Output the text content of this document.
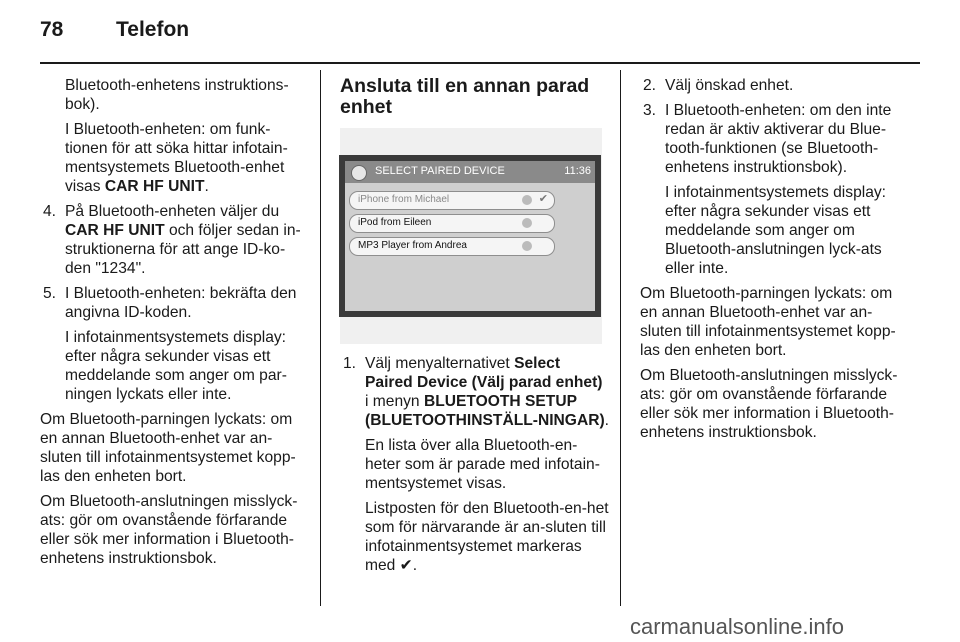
78	Telefon

Bluetooth-enhetens instruktions-bok).

I Bluetooth-enheten: om funk-tionen för att söka hittar infotain-mentsystemets Bluetooth-enhet visas CAR HF UNIT.

4. På Bluetooth-enheten väljer du CAR HF UNIT och följer sedan in-struktionerna för att ange ID-ko-den "1234".
5. I Bluetooth-enheten: bekräfta den angivna ID-koden.

I infotainmentsystemets display: efter några sekunder visas ett meddelande som anger om par-ningen lyckats eller inte.

Om Bluetooth-parningen lyckats: om en annan Bluetooth-enhet var an-sluten till infotainmentsystemet kopp-las den enheten bort.

Om Bluetooth-anslutningen misslyck-ats: gör om ovanstående förfarande eller sök mer information i Bluetooth-enhetens instruktionsbok.

Ansluta till en annan parad enhet

SELECT PAIRED DEVICE	11:36
iPhone from Michael	✔
iPod from Eileen
MP3 Player from Andrea
1. Välj menyalternativet Select Paired Device (Välj parad enhet) i menyn BLUETOOTH SETUP (BLUETOOTHINSTÄLL-NINGAR).

En lista över alla Bluetooth-en-heter som är parade med infotain-mentsystemet visas.

Listposten för den Bluetooth-en-het som för närvarande är an-sluten till infotainmentsystemet markeras med ✔.

2. Välj önskad enhet.
3. I Bluetooth-enheten: om den inte redan är aktiv aktiverar du Blue-tooth-funktionen (se Bluetooth-enhetens instruktionsbok).

I infotainmentsystemets display: efter några sekunder visas ett meddelande som anger om Bluetooth-anslutningen lyck-ats eller inte.

Om Bluetooth-parningen lyckats: om en annan Bluetooth-enhet var an-sluten till infotainmentsystemet kopp-las den enheten bort.

Om Bluetooth-anslutningen misslyck-ats: gör om ovanstående förfarande eller sök mer information i Bluetooth-enhetens instruktionsbok.

carmanualsonline.info
